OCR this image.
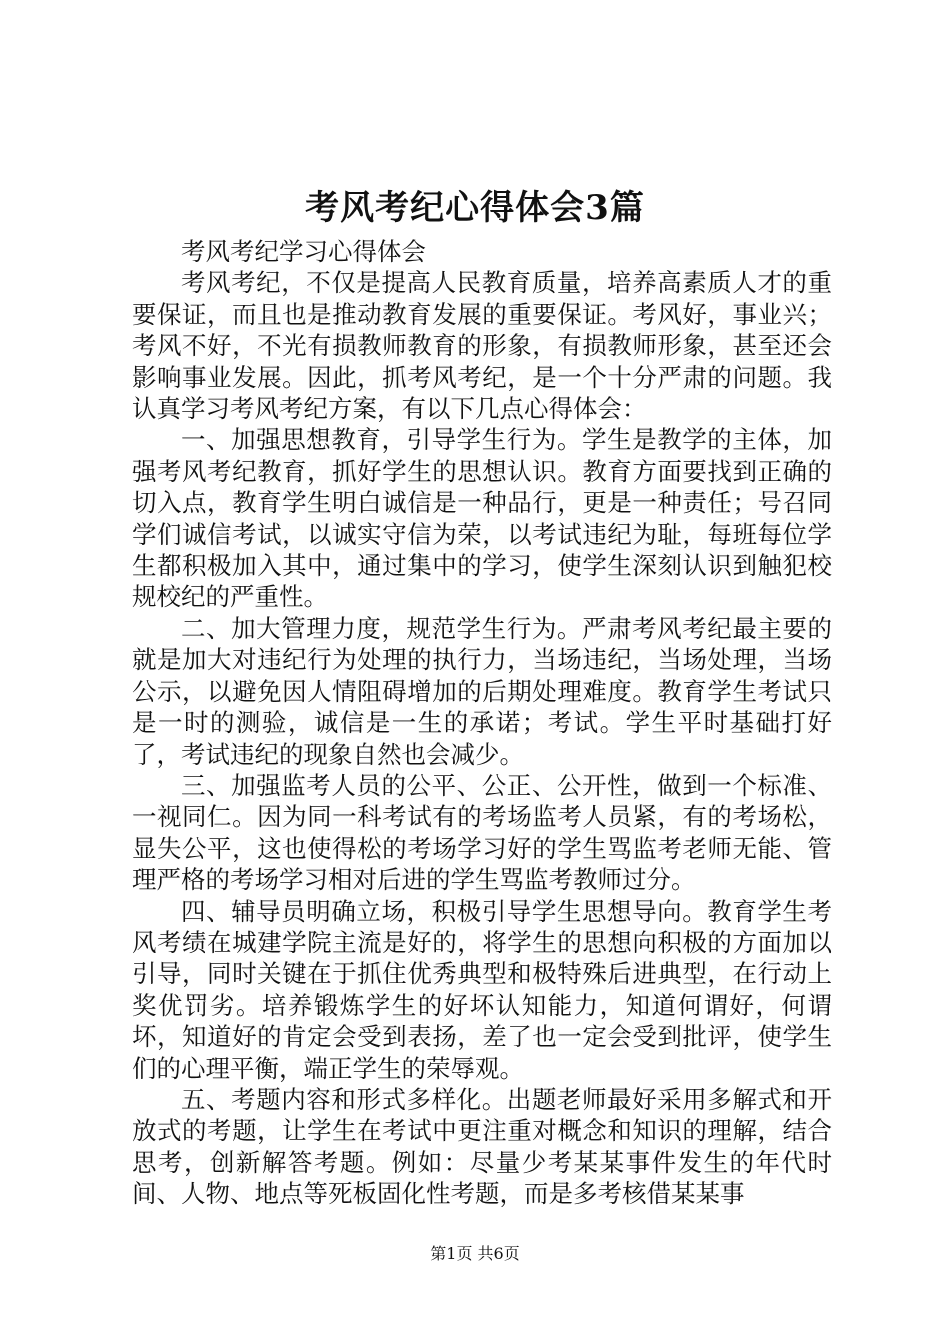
考风考纪心得体会3篇

考风考纪学习心得体会

考风考纪，不仅是提高人民教育质量，培养高素质人才的重要保证，而且也是推动教育发展的重要保证。考风好，事业兴；考风不好，不光有损教师教育的形象，有损教师形象，甚至还会影响事业发展。因此，抓考风考纪，是一个十分严肃的问题。我认真学习考风考纪方案，有以下几点心得体会：

一、加强思想教育，引导学生行为。学生是教学的主体，加强考风考纪教育，抓好学生的思想认识。教育方面要找到正确的切入点，教育学生明白诚信是一种品行，更是一种责任；号召同学们诚信考试，以诚实守信为荣，以考试违纪为耻，每班每位学生都积极加入其中，通过集中的学习，使学生深刻认识到触犯校规校纪的严重性。

二、加大管理力度，规范学生行为。严肃考风考纪最主要的就是加大对违纪行为处理的执行力，当场违纪，当场处理，当场公示，以避免因人情阻碍增加的后期处理难度。教育学生考试只是一时的测验，诚信是一生的承诺；考试。学生平时基础打好了，考试违纪的现象自然也会减少。

三、加强监考人员的公平、公正、公开性，做到一个标准、一视同仁。因为同一科考试有的考场监考人员紧，有的考场松，显失公平，这也使得松的考场学习好的学生骂监考老师无能、管理严格的考场学习相对后进的学生骂监考教师过分。

四、辅导员明确立场，积极引导学生思想导向。教育学生考风考绩在城建学院主流是好的，将学生的思想向积极的方面加以引导，同时关键在于抓住优秀典型和极特殊后进典型，在行动上奖优罚劣。培养锻炼学生的好坏认知能力，知道何谓好，何谓坏，知道好的肯定会受到表扬，差了也一定会受到批评，使学生们的心理平衡，端正学生的荣辱观。

五、考题内容和形式多样化。出题老师最好采用多解式和开放式的考题，让学生在考试中更注重对概念和知识的理解，结合思考，创新解答考题。例如：尽量少考某某事件发生的年代时间、人物、地点等死板固化性考题，而是多考核借某某事

第1页 共6页
